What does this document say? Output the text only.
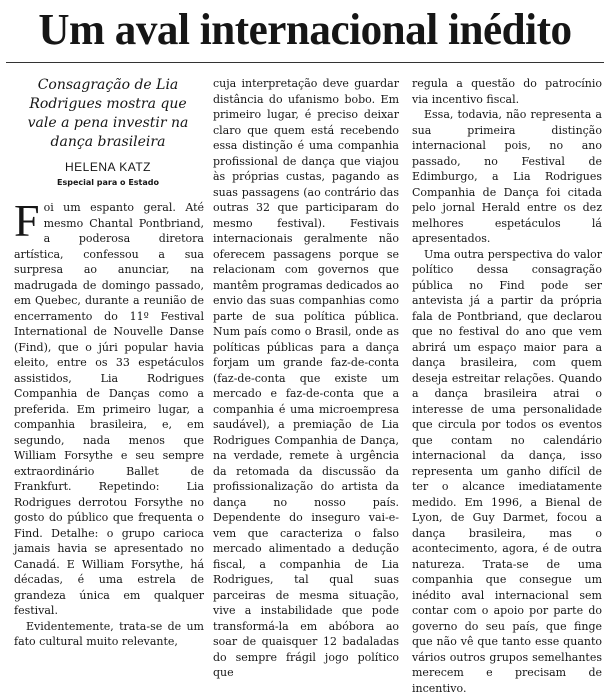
Um aval internacional inédito

Consagração de Lia Rodrigues mostra que vale a pena investir na dança brasileira

HELENA KATZ

Especial para o Estado

Foi um espanto geral. Até mesmo Chantal Pontbriand, a poderosa diretora artística, confessou a sua surpresa ao anunciar, na madrugada de domingo passado, em Quebec, durante a reunião de encerramento do 11º Festival International de Nouvelle Danse (Find), que o júri popular havia eleito, entre os 33 espetáculos assistidos, Lia Rodrigues Companhia de Danças como a preferida. Em primeiro lugar, a companhia brasileira, e, em segundo, nada menos que William Forsythe e seu sempre extraordinário Ballet de Frankfurt. Repetindo: Lia Rodrigues derrotou Forsythe no gosto do público que frequenta o Find. Detalhe: o grupo carioca jamais havia se apresentado no Canadá. E William Forsythe, há décadas, é uma estrela de grandeza única em qualquer festival.

Evidentemente, trata-se de um fato cultural muito relevante,

cuja interpretação deve guardar distância do ufanismo bobo. Em primeiro lugar, é preciso deixar claro que quem está recebendo essa distinção é uma companhia profissional de dança que viajou às próprias custas, pagando as suas passagens (ao contrário das outras 32 que participaram do mesmo festival). Festivais internacionais geralmente não oferecem passagens porque se relacionam com governos que mantêm programas dedicados ao envio das suas companhias como parte de sua política pública. Num país como o Brasil, onde as políticas públicas para a dança forjam um grande faz-de-conta (faz-de-conta que existe um mercado e faz-de-conta que a companhia é uma microempresa saudável), a premiação de Lia Rodrigues Companhia de Dança, na verdade, remete à urgência da retomada da discussão da profissionalização do artista da dança no nosso país. Dependente do inseguro vai-e-vem que caracteriza o falso mercado alimentado a dedução fiscal, a companhia de Lia Rodrigues, tal qual suas parceiras de mesma situação, vive a instabilidade que pode transformá-la em abóbora ao soar de quaisquer 12 badaladas do sempre frágil jogo político que

regula a questão do patrocínio via incentivo fiscal.

Essa, todavia, não representa a sua primeira distinção internacional pois, no ano passado, no Festival de Edimburgo, a Lia Rodrigues Companhia de Dança foi citada pelo jornal Herald entre os dez melhores espetáculos lá apresentados.

Uma outra perspectiva do valor político dessa consagração pública no Find pode ser antevista já a partir da própria fala de Pontbriand, que declarou que no festival do ano que vem abrirá um espaço maior para a dança brasileira, com quem deseja estreitar relações. Quando a dança brasileira atrai o interesse de uma personalidade que circula por todos os eventos que contam no calendário internacional da dança, isso representa um ganho difícil de ter o alcance imediatamente medido. Em 1996, a Bienal de Lyon, de Guy Darmet, focou a dança brasileira, mas o acontecimento, agora, é de outra natureza. Trata-se de uma companhia que consegue um inédito aval internacional sem contar com o apoio por parte do governo do seu país, que finge que não vê que tanto esse quanto vários outros grupos semelhantes merecem e precisam de incentivo.
